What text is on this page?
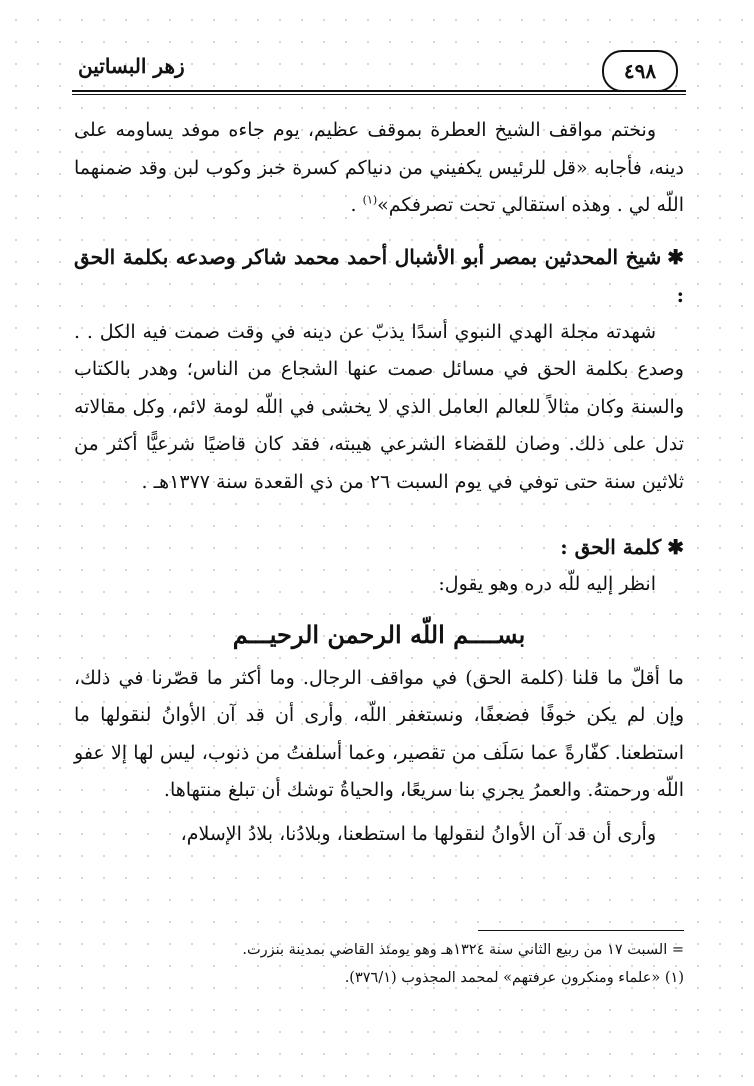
٤٩٨
زهر البساتين

ونختم مواقف الشيخ العطرة بموقف عظيم، يوم جاءه موفد يساومه على دينه، فأجابه «قل للرئيس يكفيني من دنياكم كسرة خبز وكوب لبن وقد ضمنهما اللّه لي . وهذه استقالي تحت تصرفكم»$^{(١)}$ .

✱شيخ المحدثين بمصر أبو الأشبال أحمد محمد شاكر وصدعه بكلمة الحق :

شهدته مجلة الهدي النبوي أسدًا يذبّ عن دينه في وقت صمت فيه الكل . . وصدع بكلمة الحق في مسائل صمت عنها الشجاع من الناس؛ وهدر بالكتاب والسنة وكان مثالاً للعالم العامل الذي لا يخشى في اللّه لومة لائم، وكل مقالاته تدل على ذلك. وصان للقضاء الشرعي هيبته، فقد كان قاضيًا شرعيًّا أكثر من ثلاثين سنة حتى توفي في يوم السبت ٢٦ من ذي القعدة سنة ١٣٧٧هـ .

✱كلمة الحق :

انظر إليه للّه دره وهو يقول:

بســــم اللّه الرحمن الرحيـــم

ما أقلّ ما قلنا (كلمة الحق) في مواقف الرجال. وما أكثر ما قصّرنا في ذلك، وإن لم يكن خوفًا فضعفًا، ونستغفر اللّه، وأرى أن قد آن الأوانُ لنقولها ما استطعنا. كفّارةً عما سَلَف من تقصير، وعما أسلفتُ من ذنوب، ليس لها إلا عفو اللّه ورحمتهُ. والعمرُ يجري بنا سريعًا، والحياةُ توشك أن تبلغ منتهاها.

وأرى أن قد آن الأوانُ لنقولها ما استطعنا، وبلادُنا، بلادُ الإسلام،

= السبت ١٧ من ربيع الثاني سنة ١٣٢٤هـ وهو يومئذ القاضي بمدينة بنزرت.

(١) «علماء ومنكرون عرفتهم» لمحمد المجذوب (٣٧٦/١).
